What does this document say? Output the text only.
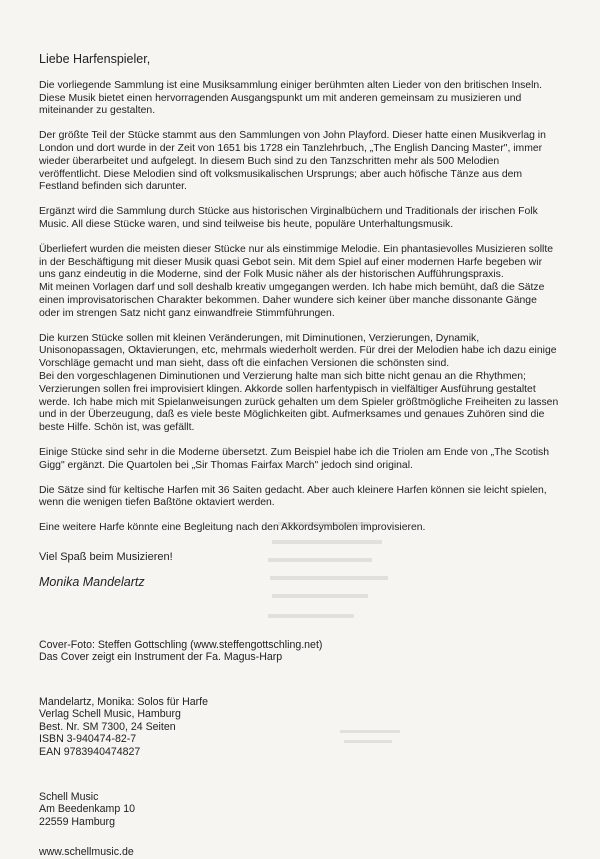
Liebe Harfenspieler,
Die vorliegende Sammlung ist eine Musiksammlung einiger berühmten alten Lieder von den britischen Inseln.
Diese Musik bietet einen hervorragenden Ausgangspunkt um mit anderen gemeinsam zu musizieren und
miteinander zu gestalten.
Der größte Teil der Stücke stammt aus den Sammlungen von John Playford. Dieser hatte einen Musikverlag in
London und dort wurde in der Zeit von 1651 bis 1728 ein Tanzlehrbuch, „The English Dancing Master", immer
wieder überarbeitet und aufgelegt. In diesem Buch sind zu den Tanzschritten mehr als 500 Melodien
veröffentlicht. Diese Melodien sind oft volksmusikalischen Ursprungs; aber auch höfische Tänze aus dem
Festland befinden sich darunter.
Ergänzt wird die Sammlung durch Stücke aus historischen Virginalbüchern und Traditionals der irischen Folk
Music. All diese Stücke waren, und sind teilweise bis heute, populäre Unterhaltungsmusik.
Überliefert wurden die meisten dieser Stücke nur als einstimmige Melodie. Ein phantasievolles Musizieren sollte
in der Beschäftigung mit dieser Musik quasi Gebot sein. Mit dem Spiel auf einer modernen Harfe begeben wir
uns ganz eindeutig in die Moderne, sind der Folk Music näher als der historischen Aufführungspraxis.
Mit meinen Vorlagen darf und soll deshalb kreativ umgegangen werden. Ich habe mich bemüht, daß die Sätze
einen improvisatorischen Charakter bekommen. Daher wundere sich keiner über manche dissonante Gänge
oder im strengen Satz nicht ganz einwandfreie Stimmführungen.
Die kurzen Stücke sollen mit kleinen Veränderungen, mit Diminutionen, Verzierungen, Dynamik,
Unisonopassagen, Oktavierungen, etc, mehrmals wiederholt werden. Für drei der Melodien habe ich dazu einige
Vorschläge gemacht und man sieht, dass oft die einfachen Versionen die schönsten sind.
Bei den vorgeschlagenen Diminutionen und Verzierung halte man sich bitte nicht genau an die Rhythmen;
Verzierungen sollen frei improvisiert klingen. Akkorde sollen harfentypisch in vielfältiger Ausführung gestaltet
werde. Ich habe mich mit Spielanweisungen zurück gehalten um dem Spieler größtmögliche Freiheiten zu lassen
und in der Überzeugung, daß es viele beste Möglichkeiten gibt. Aufmerksames und genaues Zuhören sind die
beste Hilfe. Schön ist, was gefällt.
Einige Stücke sind sehr in die Moderne übersetzt. Zum Beispiel habe ich die Triolen am Ende von „The Scotish
Gigg" ergänzt. Die Quartolen bei „Sir Thomas Fairfax March" jedoch sind original.
Die Sätze sind für keltische Harfen mit 36 Saiten gedacht. Aber auch kleinere Harfen können sie leicht spielen,
wenn die wenigen tiefen Baßtöne oktaviert werden.
Eine weitere Harfe könnte eine Begleitung nach den Akkordsymbolen improvisieren.
Viel Spaß beim Musizieren!
Monika Mandelartz
Cover-Foto: Steffen Gottschling (www.steffengottschling.net)
Das Cover zeigt ein Instrument der Fa. Magus-Harp
Mandelartz, Monika: Solos für Harfe
Verlag Schell Music, Hamburg
Best. Nr. SM 7300, 24 Seiten
ISBN 3-940474-82-7
EAN 9783940474827
Schell Music
Am Beedenkamp 10
22559 Hamburg
www.schellmusic.de
